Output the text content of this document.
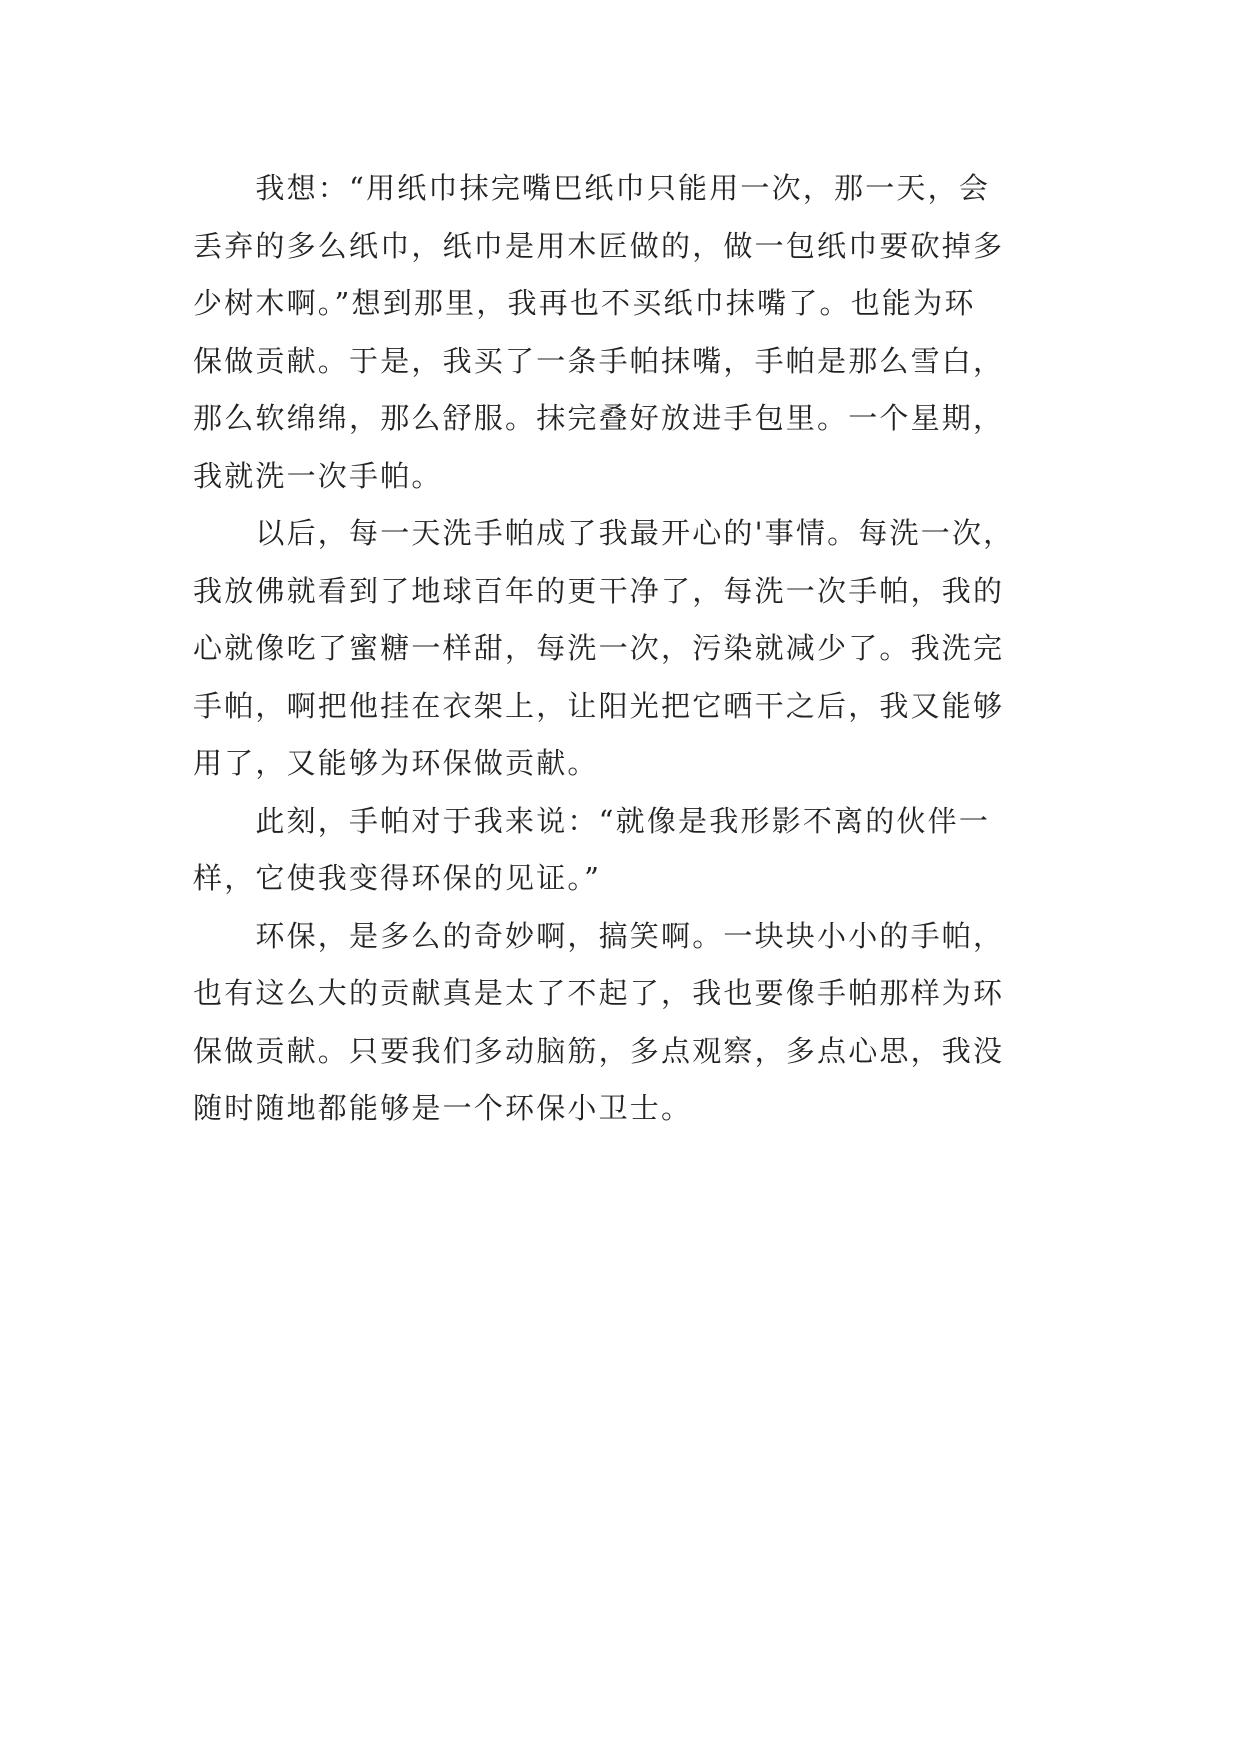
　　我想：“用纸巾抹完嘴巴纸巾只能用一次，那一天，会
丢弃的多么纸巾，纸巾是用木匠做的，做一包纸巾要砍掉多
少树木啊。”想到那里，我再也不买纸巾抹嘴了。也能为环
保做贡献。于是，我买了一条手帕抹嘴，手帕是那么雪白，
那么软绵绵，那么舒服。抹完叠好放进手包里。一个星期，
我就洗一次手帕。
　　以后，每一天洗手帕成了我最开心的'事情。每洗一次，
我放佛就看到了地球百年的更干净了，每洗一次手帕，我的
心就像吃了蜜糖一样甜，每洗一次，污染就减少了。我洗完
手帕，啊把他挂在衣架上，让阳光把它晒干之后，我又能够
用了，又能够为环保做贡献。
　　此刻，手帕对于我来说：“就像是我形影不离的伙伴一
样，它使我变得环保的见证。”
　　环保，是多么的奇妙啊，搞笑啊。一块块小小的手帕，
也有这么大的贡献真是太了不起了，我也要像手帕那样为环
保做贡献。只要我们多动脑筋，多点观察，多点心思，我没
随时随地都能够是一个环保小卫士。
